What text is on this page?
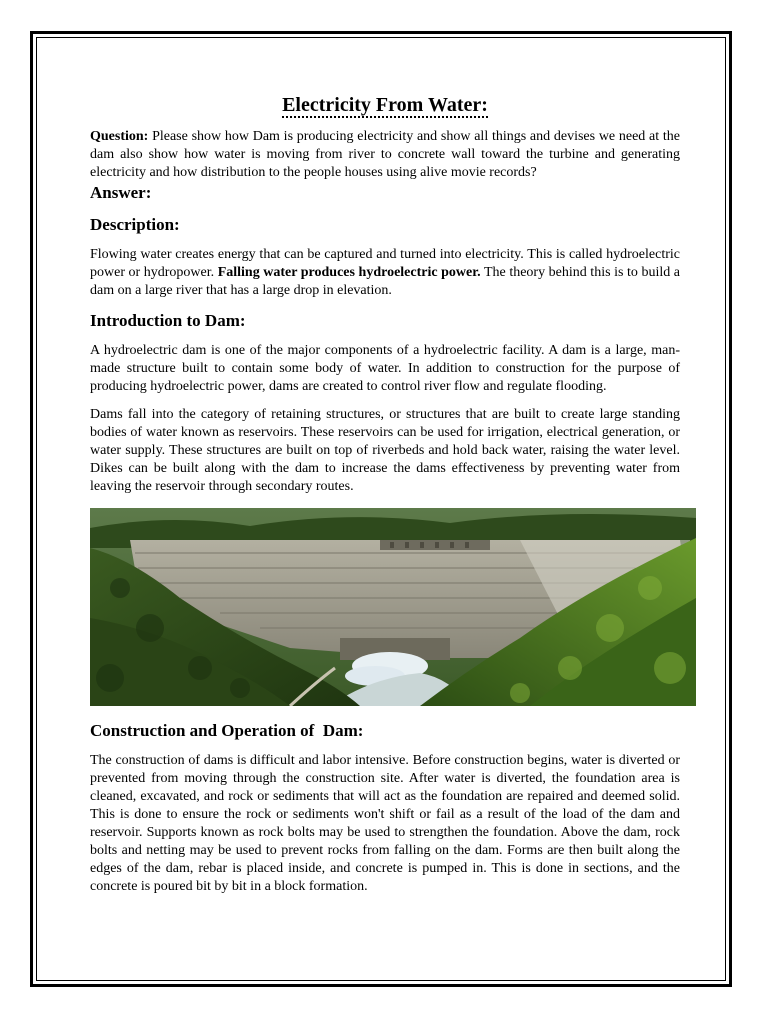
Electricity From Water:

Question: Please show how Dam is producing electricity and show all things and devises we need at the dam also show how water is moving from river to concrete wall toward the turbine and generating electricity and how distribution to the people houses using alive movie records?

Answer:
Description:

Flowing water creates energy that can be captured and turned into electricity. This is called hydroelectric power or hydropower. Falling water produces hydroelectric power. The theory behind this is to build a dam on a large river that has a large drop in elevation.

Introduction to Dam:

A hydroelectric dam is one of the major components of a hydroelectric facility. A dam is a large, man-made structure built to contain some body of water. In addition to construction for the purpose of producing hydroelectric power, dams are created to control river flow and regulate flooding.

Dams fall into the category of retaining structures, or structures that are built to create large standing bodies of water known as reservoirs. These reservoirs can be used for irrigation, electrical generation, or water supply. These structures are built on top of riverbeds and hold back water, raising the water level. Dikes can be built along with the dam to increase the dams effectiveness by preventing water from leaving the reservoir through secondary routes.

Construction and Operation of  Dam:

The construction of dams is difficult and labor intensive. Before construction begins, water is diverted or prevented from moving through the construction site. After water is diverted, the foundation area is cleaned, excavated, and rock or sediments that will act as the foundation are repaired and deemed solid. This is done to ensure the rock or sediments won't shift or fail as a result of the load of the dam and reservoir. Supports known as rock bolts may be used to strengthen the foundation. Above the dam, rock bolts and netting may be used to prevent rocks from falling on the dam. Forms are then built along the edges of the dam, rebar is placed inside, and concrete is pumped in. This is done in sections, and the concrete is poured bit by bit in a block formation.
